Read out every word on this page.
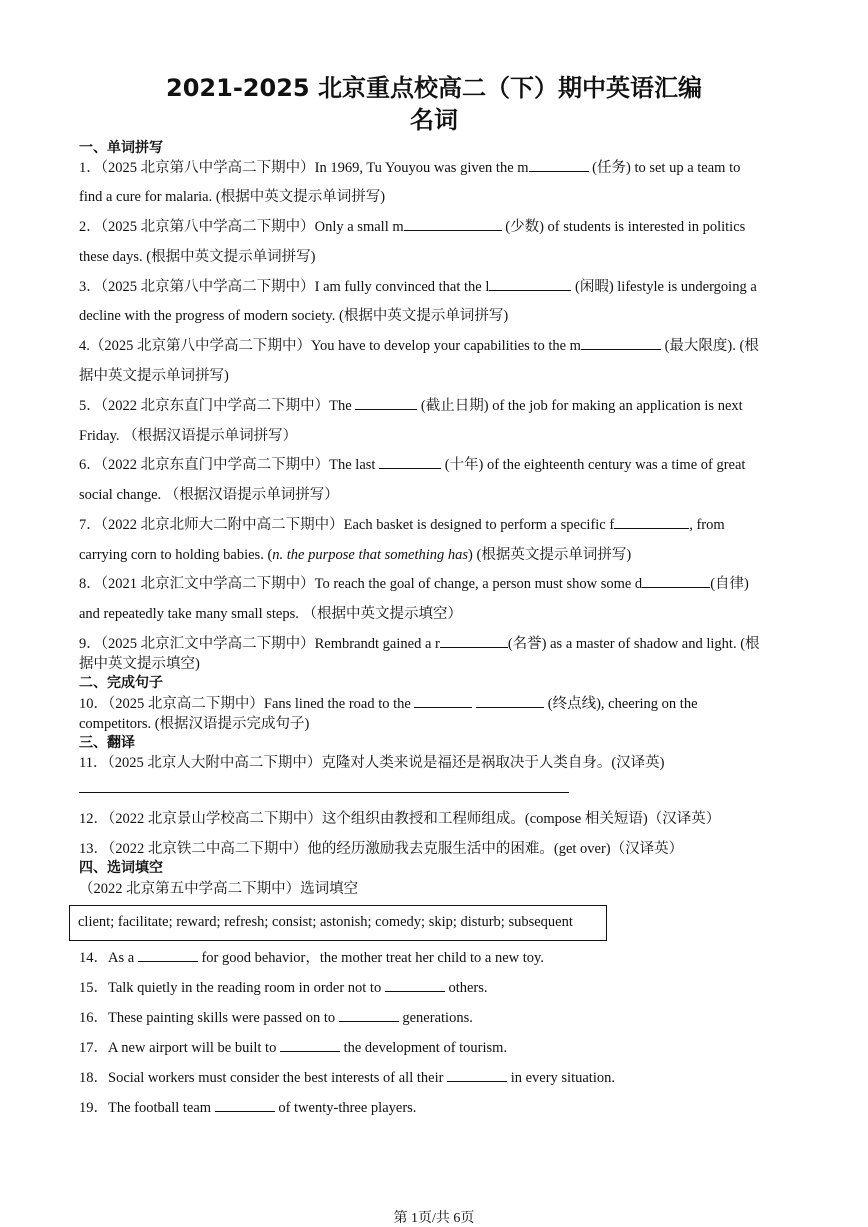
2021-2025 北京重点校高二（下）期中英语汇编
名词
一、单词拼写
1．（2025 北京第八中学高二下期中）In 1969, Tu Youyou was given the m	(任务) to set up a team to
find a cure for malaria. (根据中英文提示单词拼写)
2．（2025 北京第八中学高二下期中）Only a small m	(少数) of students is interested in politics
these days. (根据中英文提示单词拼写)
3．（2025 北京第八中学高二下期中）I am fully convinced that the l	(闲暇) lifestyle is undergoing a
decline with the progress of modern society. (根据中英文提示单词拼写)
4.（2025 北京第八中学高二下期中）You have to develop your capabilities to the m	(最大限度). (根
据中英文提示单词拼写)
5．（2022 北京东直门中学高二下期中）The	(截止日期) of the job for making an application is next
Friday. （根据汉语提示单词拼写）
6．（2022 北京东直门中学高二下期中）The last	(十年) of the eighteenth century was a time of great
social change. （根据汉语提示单词拼写）
7．（2022 北京北师大二附中高二下期中）Each basket is designed to perform a specific f	, from
carrying corn to holding babies. (n. the purpose that something has) (根据英文提示单词拼写)
8．（2021 北京汇文中学高二下期中）To reach the goal of change, a person must show some d	(自律)
and repeatedly take many small steps. （根据中英文提示填空）
9．（2025 北京汇文中学高二下期中）Rembrandt gained a r	(名誉) as a master of shadow and light. (根
据中英文提示填空)
二、完成句子
10．（2025 北京高二下期中）Fans lined the road to the	(终点线), cheering on the
competitors. (根据汉语提示完成句子)
三、翻译
11．（2025 北京人大附中高二下期中）克隆对人类来说是福还是祸取决于人类自身。(汉译英)
12．（2022 北京景山学校高二下期中）这个组织由教授和工程师组成。(compose 相关短语)（汉译英）
13．（2022 北京铁二中高二下期中）他的经历激励我去克服生活中的困难。(get over)（汉译英）
四、选词填空
（2022 北京第五中学高二下期中）选词填空
client; facilitate; reward; refresh; consist; astonish; comedy; skip; disturb; subsequent
14．As a	for good behavior，the mother treat her child to a new toy.
15．Talk quietly in the reading room in order not to	others.
16．These painting skills were passed on to	generations.
17．A new airport will be built to	the development of tourism.
18．Social workers must consider the best interests of all their	in every situation.
19．The football team	of twenty-three players.
第 1页/共 6页
